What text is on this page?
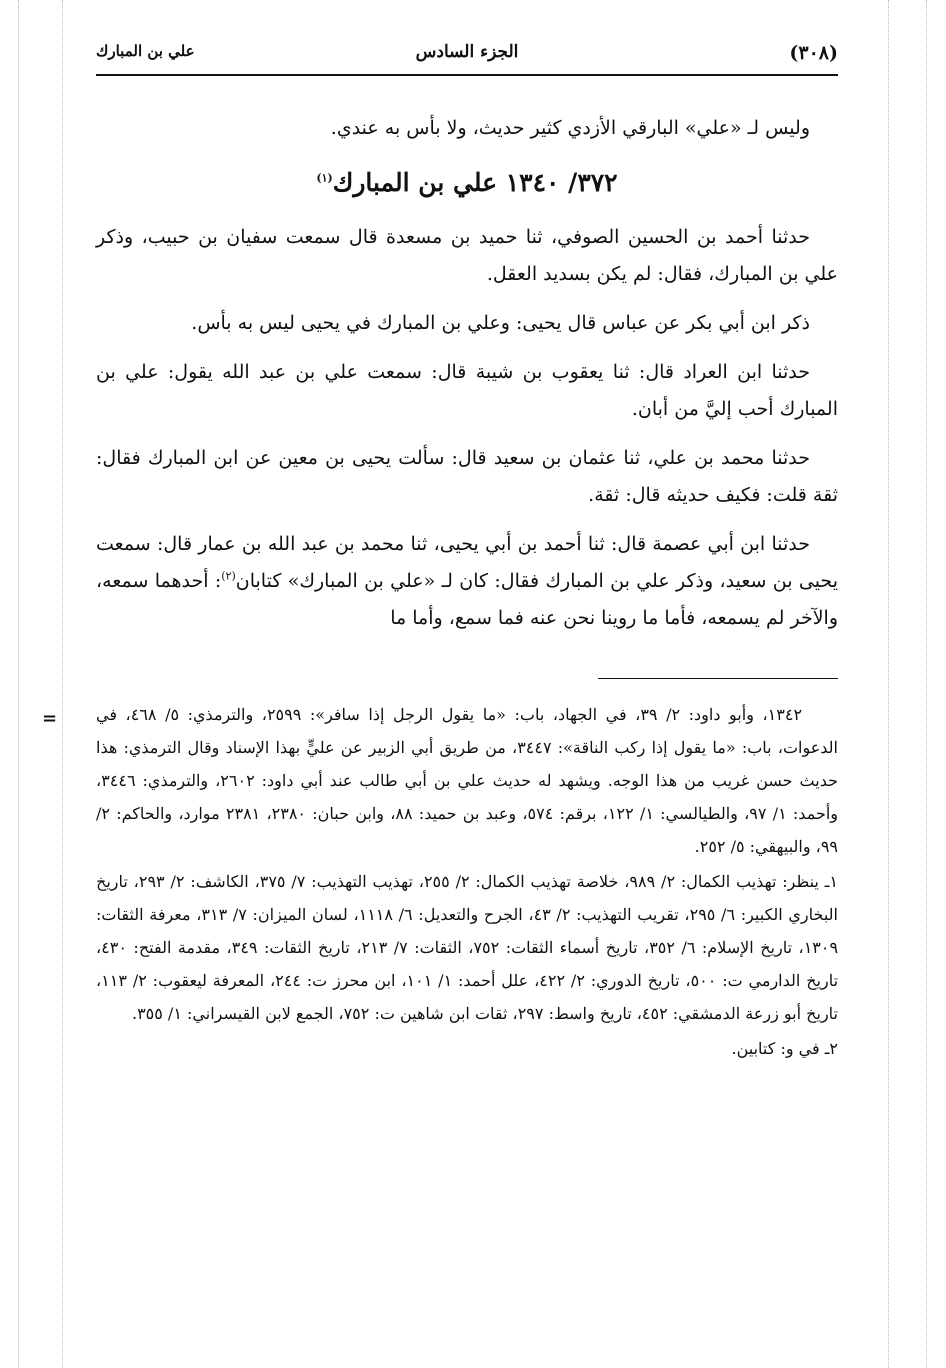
(٣٠٨)
الجزء السادس
علي بن المبارك

وليس لـ «علي» البارقي الأزدي كثير حديث، ولا بأس به عندي.

٣٧٢/ ١٣٤٠ علي بن المبارك$^{(١)}$

حدثنا أحمد بن الحسين الصوفي، ثنا حميد بن مسعدة قال سمعت سفيان بن حبيب، وذكر علي بن المبارك، فقال: لم يكن بسديد العقل.

ذكر ابن أبي بكر عن عباس قال يحيى: وعلي بن المبارك في يحيى ليس به بأس.

حدثنا ابن العراد قال: ثنا يعقوب بن شيبة قال: سمعت علي بن عبد الله يقول: علي بن المبارك أحب إليَّ من أبان.

حدثنا محمد بن علي، ثنا عثمان بن سعيد قال: سألت يحيى بن معين عن ابن المبارك فقال: ثقة قلت: فكيف حديثه قال: ثقة.

حدثنا ابن أبي عصمة قال: ثنا أحمد بن أبي يحيى، ثنا محمد بن عبد الله بن عمار قال: سمعت يحيى بن سعيد، وذكر علي بن المبارك فقال: كان لـ «علي بن المبارك» كتابان$^{(٢)}$: أحدهما سمعه، والآخر لم يسمعه، فأما ما روينا نحن عنه فما سمع، وأما ما

= ١٣٤٢، وأبو داود: ٢/ ٣٩، في الجهاد، باب: «ما يقول الرجل إذا سافر»: ٢٥٩٩، والترمذي: ٥/ ٤٦٨، في الدعوات، باب: «ما يقول إذا ركب الناقة»: ٣٤٤٧، من طريق أبي الزبير عن عليٍّ بهذا الإسناد وقال الترمذي: هذا حديث حسن غريب من هذا الوجه. ويشهد له حديث علي بن أبي طالب عند أبي داود: ٢٦٠٢، والترمذي: ٣٤٤٦، وأحمد: ١/ ٩٧، والطيالسي: ١/ ١٢٢، برقم: ٥٧٤، وعبد بن حميد: ٨٨، وابن حبان: ٢٣٨٠، ٢٣٨١ موارد، والحاكم: ٢/ ٩٩، والبيهقي: ٥/ ٢٥٢.

١ـ ينظر: تهذيب الكمال: ٢/ ٩٨٩، خلاصة تهذيب الكمال: ٢/ ٢٥٥، تهذيب التهذيب: ٧/ ٣٧٥، الكاشف: ٢/ ٢٩٣، تاريخ البخاري الكبير: ٦/ ٢٩٥، تقريب التهذيب: ٢/ ٤٣، الجرح والتعديل: ٦/ ١١١٨، لسان الميزان: ٧/ ٣١٣، معرفة الثقات: ١٣٠٩، تاريخ الإسلام: ٦/ ٣٥٢، تاريخ أسماء الثقات: ٧٥٢، الثقات: ٧/ ٢١٣، تاريخ الثقات: ٣٤٩، مقدمة الفتح: ٤٣٠، تاريخ الدارمي ت: ٥٠٠، تاريخ الدوري: ٢/ ٤٢٢، علل أحمد: ١/ ١٠١، ابن محرز ت: ٢٤٤، المعرفة ليعقوب: ٢/ ١١٣، تاريخ أبو زرعة الدمشقي: ٤٥٢، تاريخ واسط: ٢٩٧، ثقات ابن شاهين ت: ٧٥٢، الجمع لابن القيسراني: ١/ ٣٥٥.

٢ـ في و: كتابين.
